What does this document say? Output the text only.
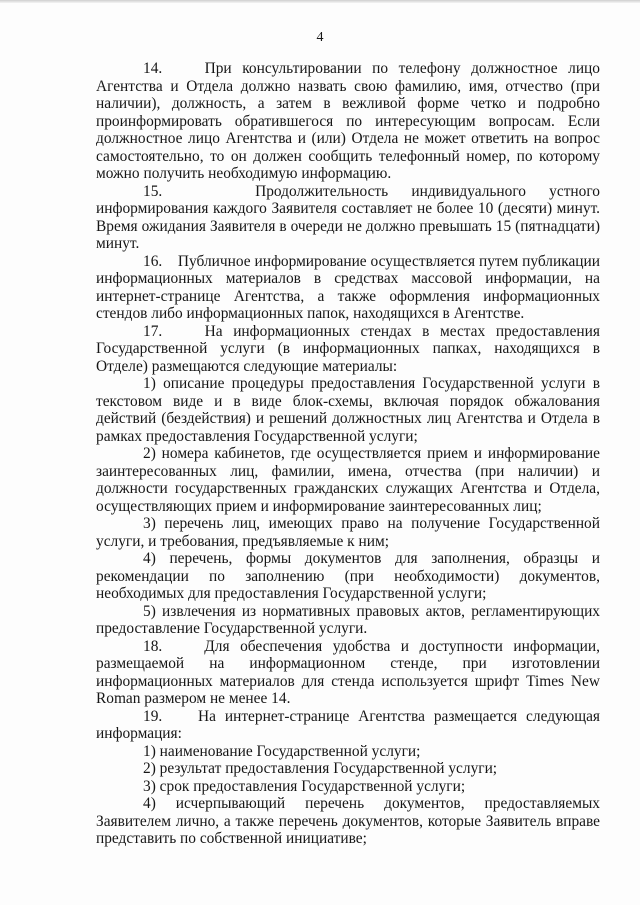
4

14.    При консультировании по телефону должностное лицо Агентства и Отдела должно назвать свою фамилию, имя, отчество (при наличии), должность, а затем в вежливой форме четко и подробно проинформировать обратившегося по интересующим вопросам. Если должностное лицо Агентства и (или) Отдела не может ответить на вопрос самостоятельно, то он должен сообщить телефонный номер, по которому можно получить необходимую информацию.

15.    Продолжительность индивидуального устного информирования каждого Заявителя составляет не более 10 (десяти) минут. Время ожидания Заявителя в очереди не должно превышать 15 (пятнадцати) минут.

16.    Публичное информирование осуществляется путем публикации информационных материалов в средствах массовой информации, на интернет-странице Агентства, а также оформления информационных стендов либо информационных папок, находящихся в Агентстве.

17.    На информационных стендах в местах предоставления Государственной услуги (в информационных папках, находящихся в Отделе) размещаются следующие материалы:

1) описание процедуры предоставления Государственной услуги в текстовом виде и в виде блок-схемы, включая порядок обжалования действий (бездействия) и решений должностных лиц Агентства и Отдела в рамках предоставления Государственной услуги;

2) номера кабинетов, где осуществляется прием и информирование заинтересованных лиц, фамилии, имена, отчества (при наличии) и должности государственных гражданских служащих Агентства и Отдела, осуществляющих прием и информирование заинтересованных лиц;

3) перечень лиц, имеющих право на получение Государственной услуги, и требования, предъявляемые к ним;

4) перечень, формы документов для заполнения, образцы и рекомендации по заполнению (при необходимости) документов, необходимых для предоставления Государственной услуги;

5) извлечения из нормативных правовых актов, регламентирующих предоставление Государственной услуги.

18.    Для обеспечения удобства и доступности информации, размещаемой на информационном стенде, при изготовлении информационных материалов для стенда используется шрифт Times New Roman размером не менее 14.

19.    На интернет-странице Агентства размещается следующая информация:

1) наименование Государственной услуги;

2) результат предоставления Государственной услуги;

3) срок предоставления Государственной услуги;

4) исчерпывающий перечень документов, предоставляемых Заявителем лично, а также перечень документов, которые Заявитель вправе представить по собственной инициативе;
